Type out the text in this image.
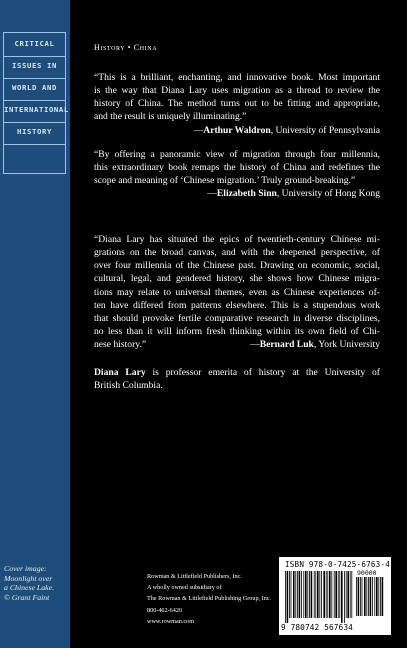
CRITICAL
ISSUES IN
WORLD AND
INTERNATIONAL
HISTORY
Cover image:
Moonlight over
a Chinese Lake.
© Grant Faint
History • China
“This is a brilliant, enchanting, and innovative book. Most important
is the way that Diana Lary uses migration as a thread to review the
history of China. The method turns out to be fitting and appropriate,
and the result is uniquely illuminating.”
—Arthur Waldron, University of Pennsylvania
“By offering a panoramic view of migration through four millennia,
this extraordinary book remaps the history of China and redefines the
scope and meaning of ‘Chinese migration.’ Truly ground-breaking.”
—Elizabeth Sinn, University of Hong Kong
“Diana Lary has situated the epics of twentieth-century Chinese mi-
grations on the broad canvas, and with the deepened perspective, of
over four millennia of the Chinese past. Drawing on economic, social,
cultural, legal, and gendered history, she shows how Chinese migra-
tions may relate to universal themes, even as Chinese experiences of-
ten have differed from patterns elsewhere. This is a stupendous work
that should provoke fertile comparative research in diverse disciplines,
no less than it will inform fresh thinking within its own field of Chi-
nese history.”	—Bernard Luk, York University
Diana Lary is professor emerita of history at the University of
British Columbia.
Rowman & Littlefield Publishers, Inc.
A wholly owned subsidiary of
The Rowman & Littlefield Publishing Group, Inc.
800-462-6420
www.rowman.com
ISBN 978-0-7425-6763-4
90000
9 780742 567634
